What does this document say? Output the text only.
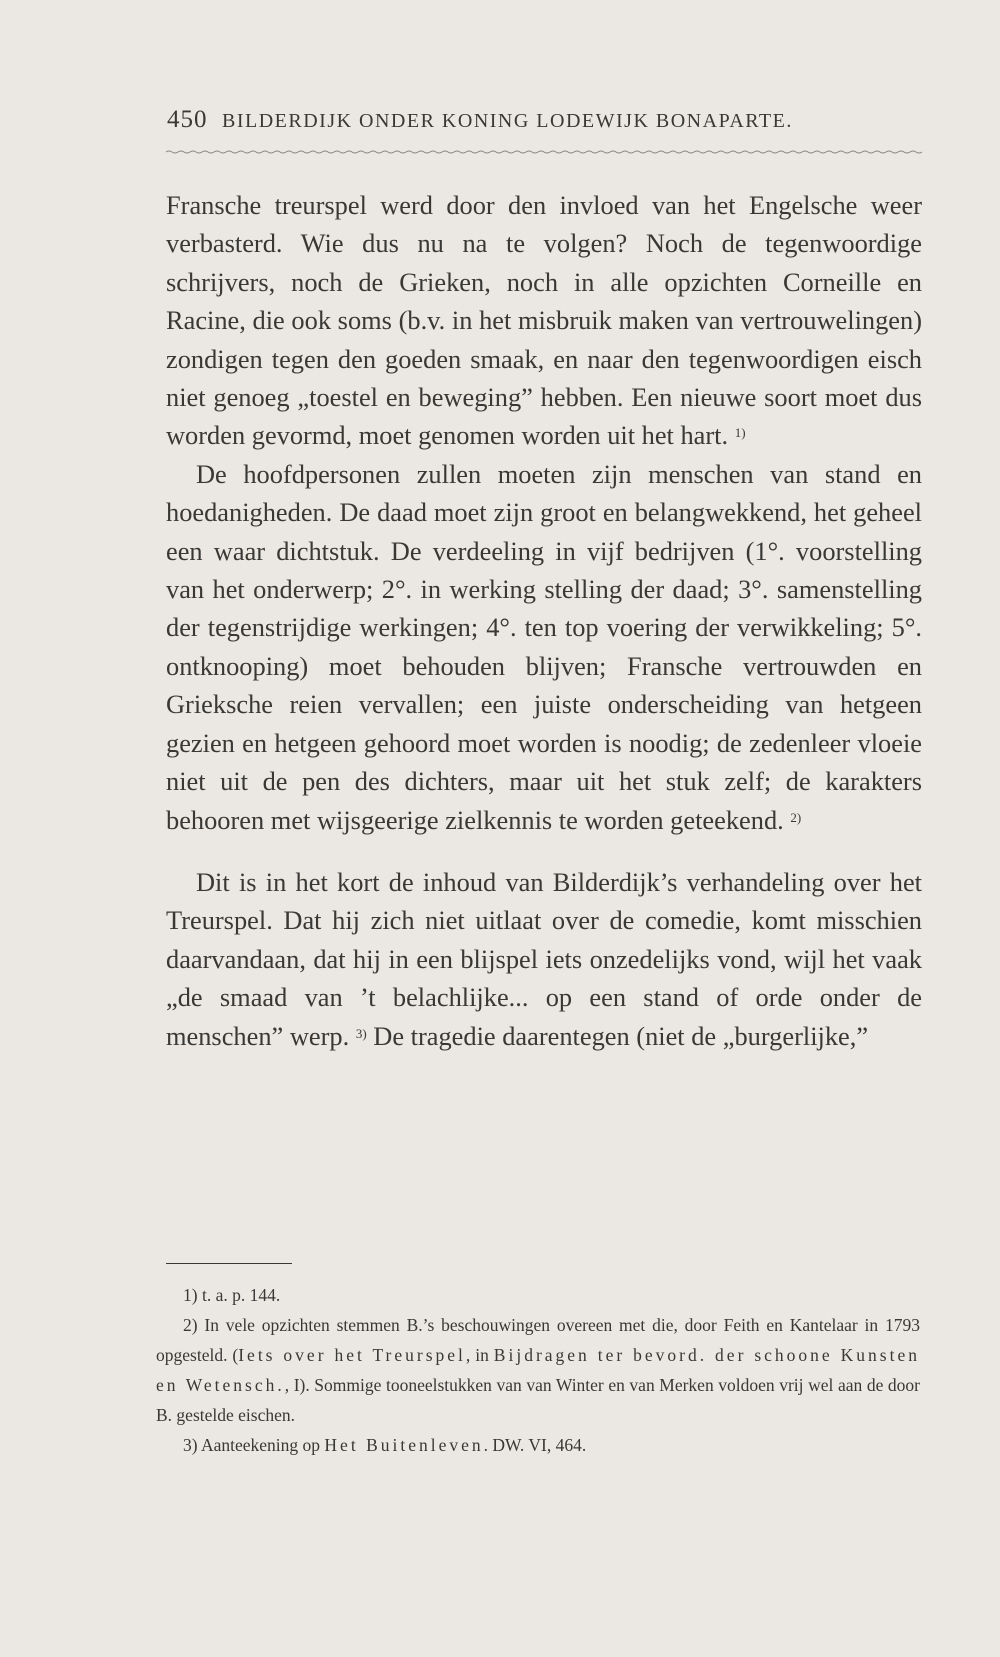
450 BILDERDIJK ONDER KONING LODEWIJK BONAPARTE.

Fransche treurspel werd door den invloed van het Engelsche weer verbasterd. Wie dus nu na te volgen? Noch de tegenwoordige schrijvers, noch de Grieken, noch in alle opzichten Corneille en Racine, die ook soms (b.v. in het misbruik maken van vertrouwelingen) zondigen tegen den goeden smaak, en naar den tegenwoordigen eisch niet genoeg „toestel en beweging” hebben. Een nieuwe soort moet dus worden gevormd, moet genomen worden uit het hart. $^{1)}$

De hoofdpersonen zullen moeten zijn menschen van stand en hoedanigheden. De daad moet zijn groot en belangwekkend, het geheel een waar dichtstuk. De verdeeling in vijf bedrijven (1°. voorstelling van het onderwerp; 2°. in werking stelling der daad; 3°. samenstelling der tegenstrijdige werkingen; 4°. ten top voering der verwikkeling; 5°. ontknooping) moet behouden blijven; Fransche vertrouwden en Grieksche reien vervallen; een juiste onderscheiding van hetgeen gezien en hetgeen gehoord moet worden is noodig; de zedenleer vloeie niet uit de pen des dichters, maar uit het stuk zelf; de karakters behooren met wijsgeerige zielkennis te worden geteekend. $^{2)}$

Dit is in het kort de inhoud van Bilderdijk’s verhandeling over het Treurspel. Dat hij zich niet uitlaat over de comedie, komt misschien daarvandaan, dat hij in een blijspel iets onzedelijks vond, wijl het vaak „de smaad van ’t belachlijke... op een stand of orde onder de menschen” werp. $^{3)}$ De tragedie daarentegen (niet de „burgerlijke,”

1) t. a. p. 144.

2) In vele opzichten stemmen B.’s beschouwingen overeen met die, door Feith en Kantelaar in 1793 opgesteld. (Iets over het Treurspel, in Bijdragen ter bevord. der schoone Kunsten en Wetensch., I). Sommige tooneelstukken van van Winter en van Merken voldoen vrij wel aan de door B. gestelde eischen.

3) Aanteekening op Het Buitenleven. DW. VI, 464.
